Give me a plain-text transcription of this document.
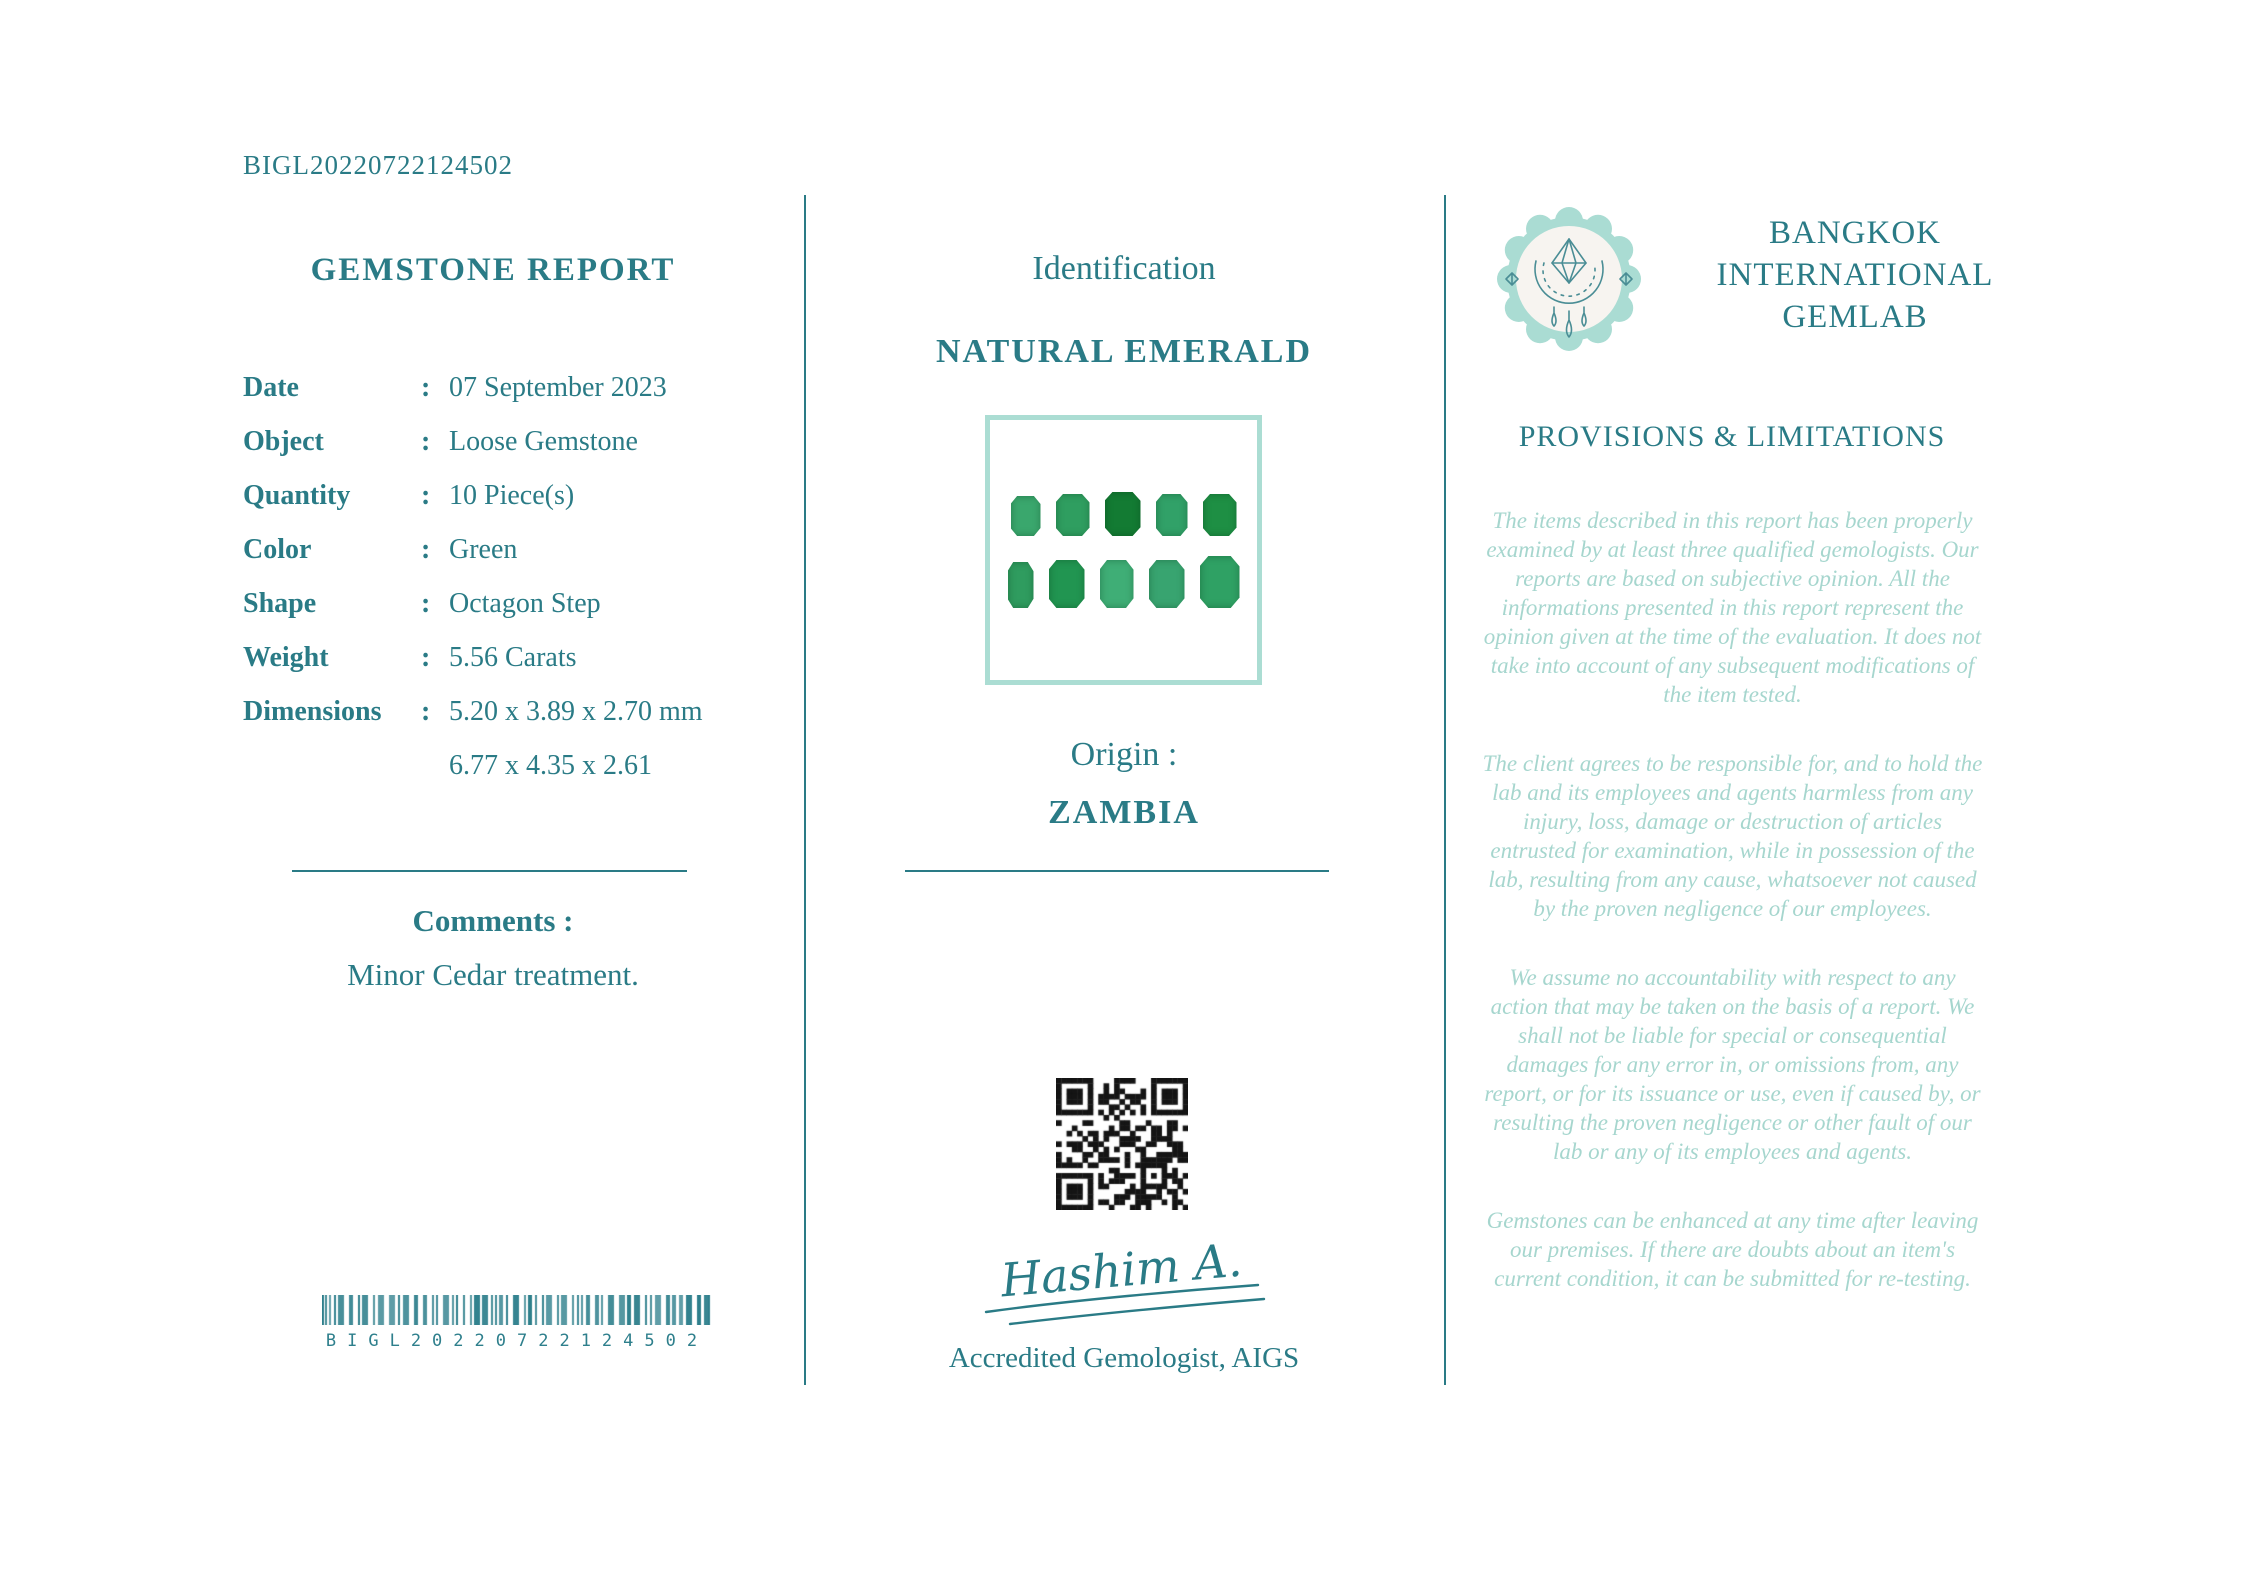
BIGL20220722124502
GEMSTONE REPORT
Date	: 07 September 2023
Object	: Loose Gemstone
Quantity	: 10 Piece(s)
Color	: Green
Shape	: Octagon Step
Weight	: 5.56 Carats
Dimensions	: 5.20 x 3.89 x 2.70 mm
6.77 x 4.35 x 2.61
Comments :
Minor Cedar treatment.
BIGL20220722124502
Identification
NATURAL EMERALD
Origin :
ZAMBIA
Hashim A.
Accredited Gemologist, AIGS
BANGKOK
INTERNATIONAL
GEMLAB
PROVISIONS & LIMITATIONS

The items described in this report has been properly examined by at least three qualified gemologists. Our reports are based on subjective opinion. All the informations presented in this report represent the opinion given at the time of the evaluation. It does not take into account of any subsequent modifications of the item tested.

The client agrees to be responsible for, and to hold the lab and its employees and agents harmless from any injury, loss, damage or destruction of articles entrusted for examination, while in possession of the lab, resulting from any cause, whatsoever not caused by the proven negligence of our employees.

We assume no accountability with respect to any action that may be taken on the basis of a report. We shall not be liable for special or consequential damages for any error in, or omissions from, any report, or for its issuance or use, even if caused by, or resulting the proven negligence or other fault of our lab or any of its employees and agents.

Gemstones can be enhanced at any time after leaving our premises. If there are doubts about an item's current condition, it can be submitted for re-testing.
